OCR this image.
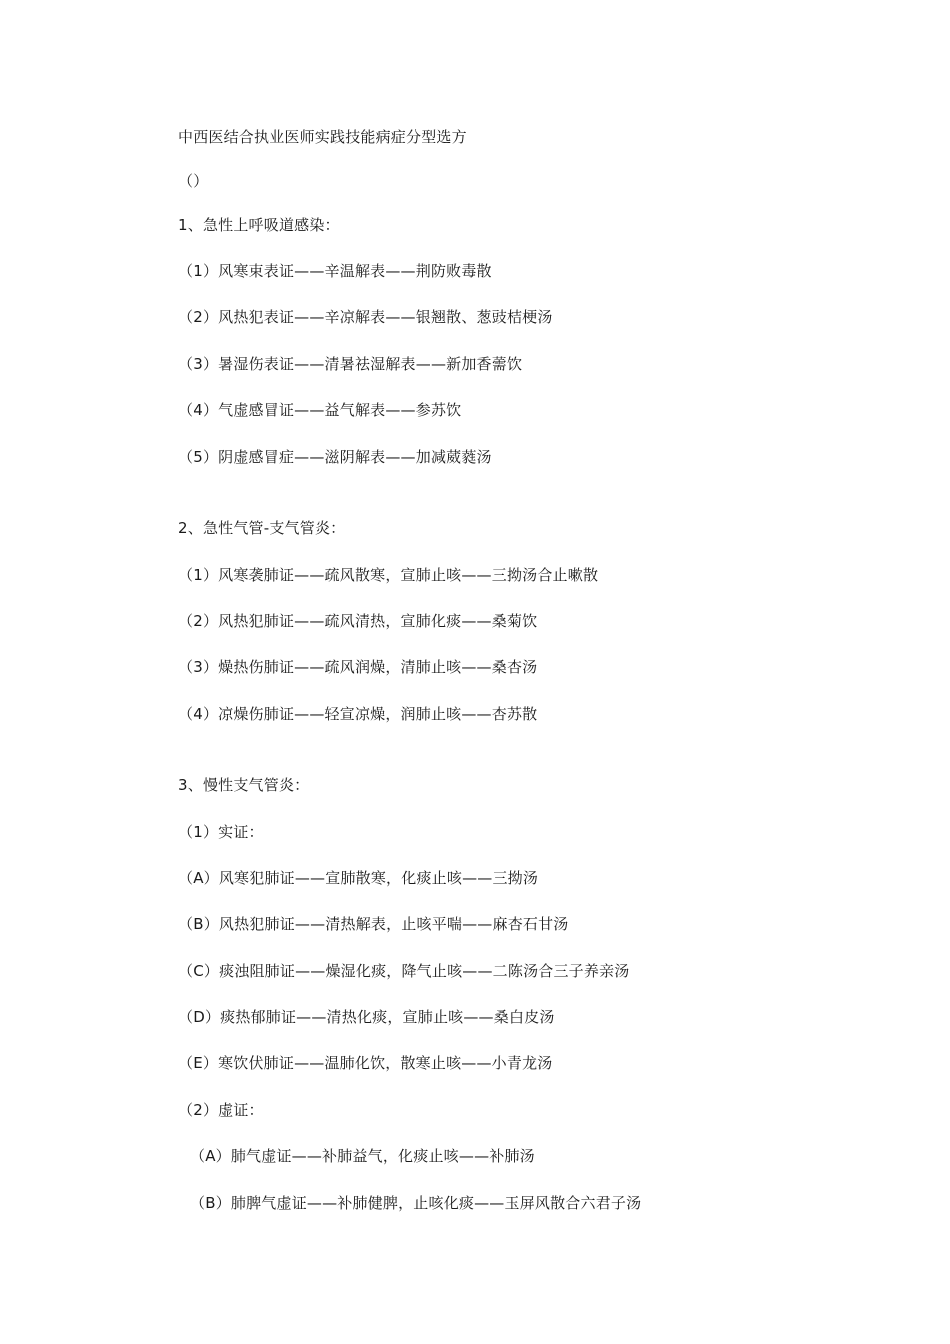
中西医结合执业医师实践技能病症分型选方
（）
1、急性上呼吸道感染：
（1）风寒束表证——辛温解表——荆防败毒散
（2）风热犯表证——辛凉解表——银翘散、葱豉桔梗汤
（3）暑湿伤表证——清暑祛湿解表——新加香薷饮
（4）气虚感冒证——益气解表——参苏饮
（5）阴虚感冒症——滋阴解表——加减葳蕤汤
2、急性气管-支气管炎：
（1）风寒袭肺证——疏风散寒，宣肺止咳——三拗汤合止嗽散
（2）风热犯肺证——疏风清热，宣肺化痰——桑菊饮
（3）燥热伤肺证——疏风润燥，清肺止咳——桑杏汤
（4）凉燥伤肺证——轻宣凉燥，润肺止咳——杏苏散
3、慢性支气管炎：
（1）实证：
（A）风寒犯肺证——宣肺散寒，化痰止咳——三拗汤
（B）风热犯肺证——清热解表，止咳平喘——麻杏石甘汤
（C）痰浊阻肺证——燥湿化痰，降气止咳——二陈汤合三子养亲汤
（D）痰热郁肺证——清热化痰，宣肺止咳——桑白皮汤
（E）寒饮伏肺证——温肺化饮，散寒止咳——小青龙汤
（2）虚证：
（A）肺气虚证——补肺益气，化痰止咳——补肺汤
（B）肺脾气虚证——补肺健脾，止咳化痰——玉屏风散合六君子汤
